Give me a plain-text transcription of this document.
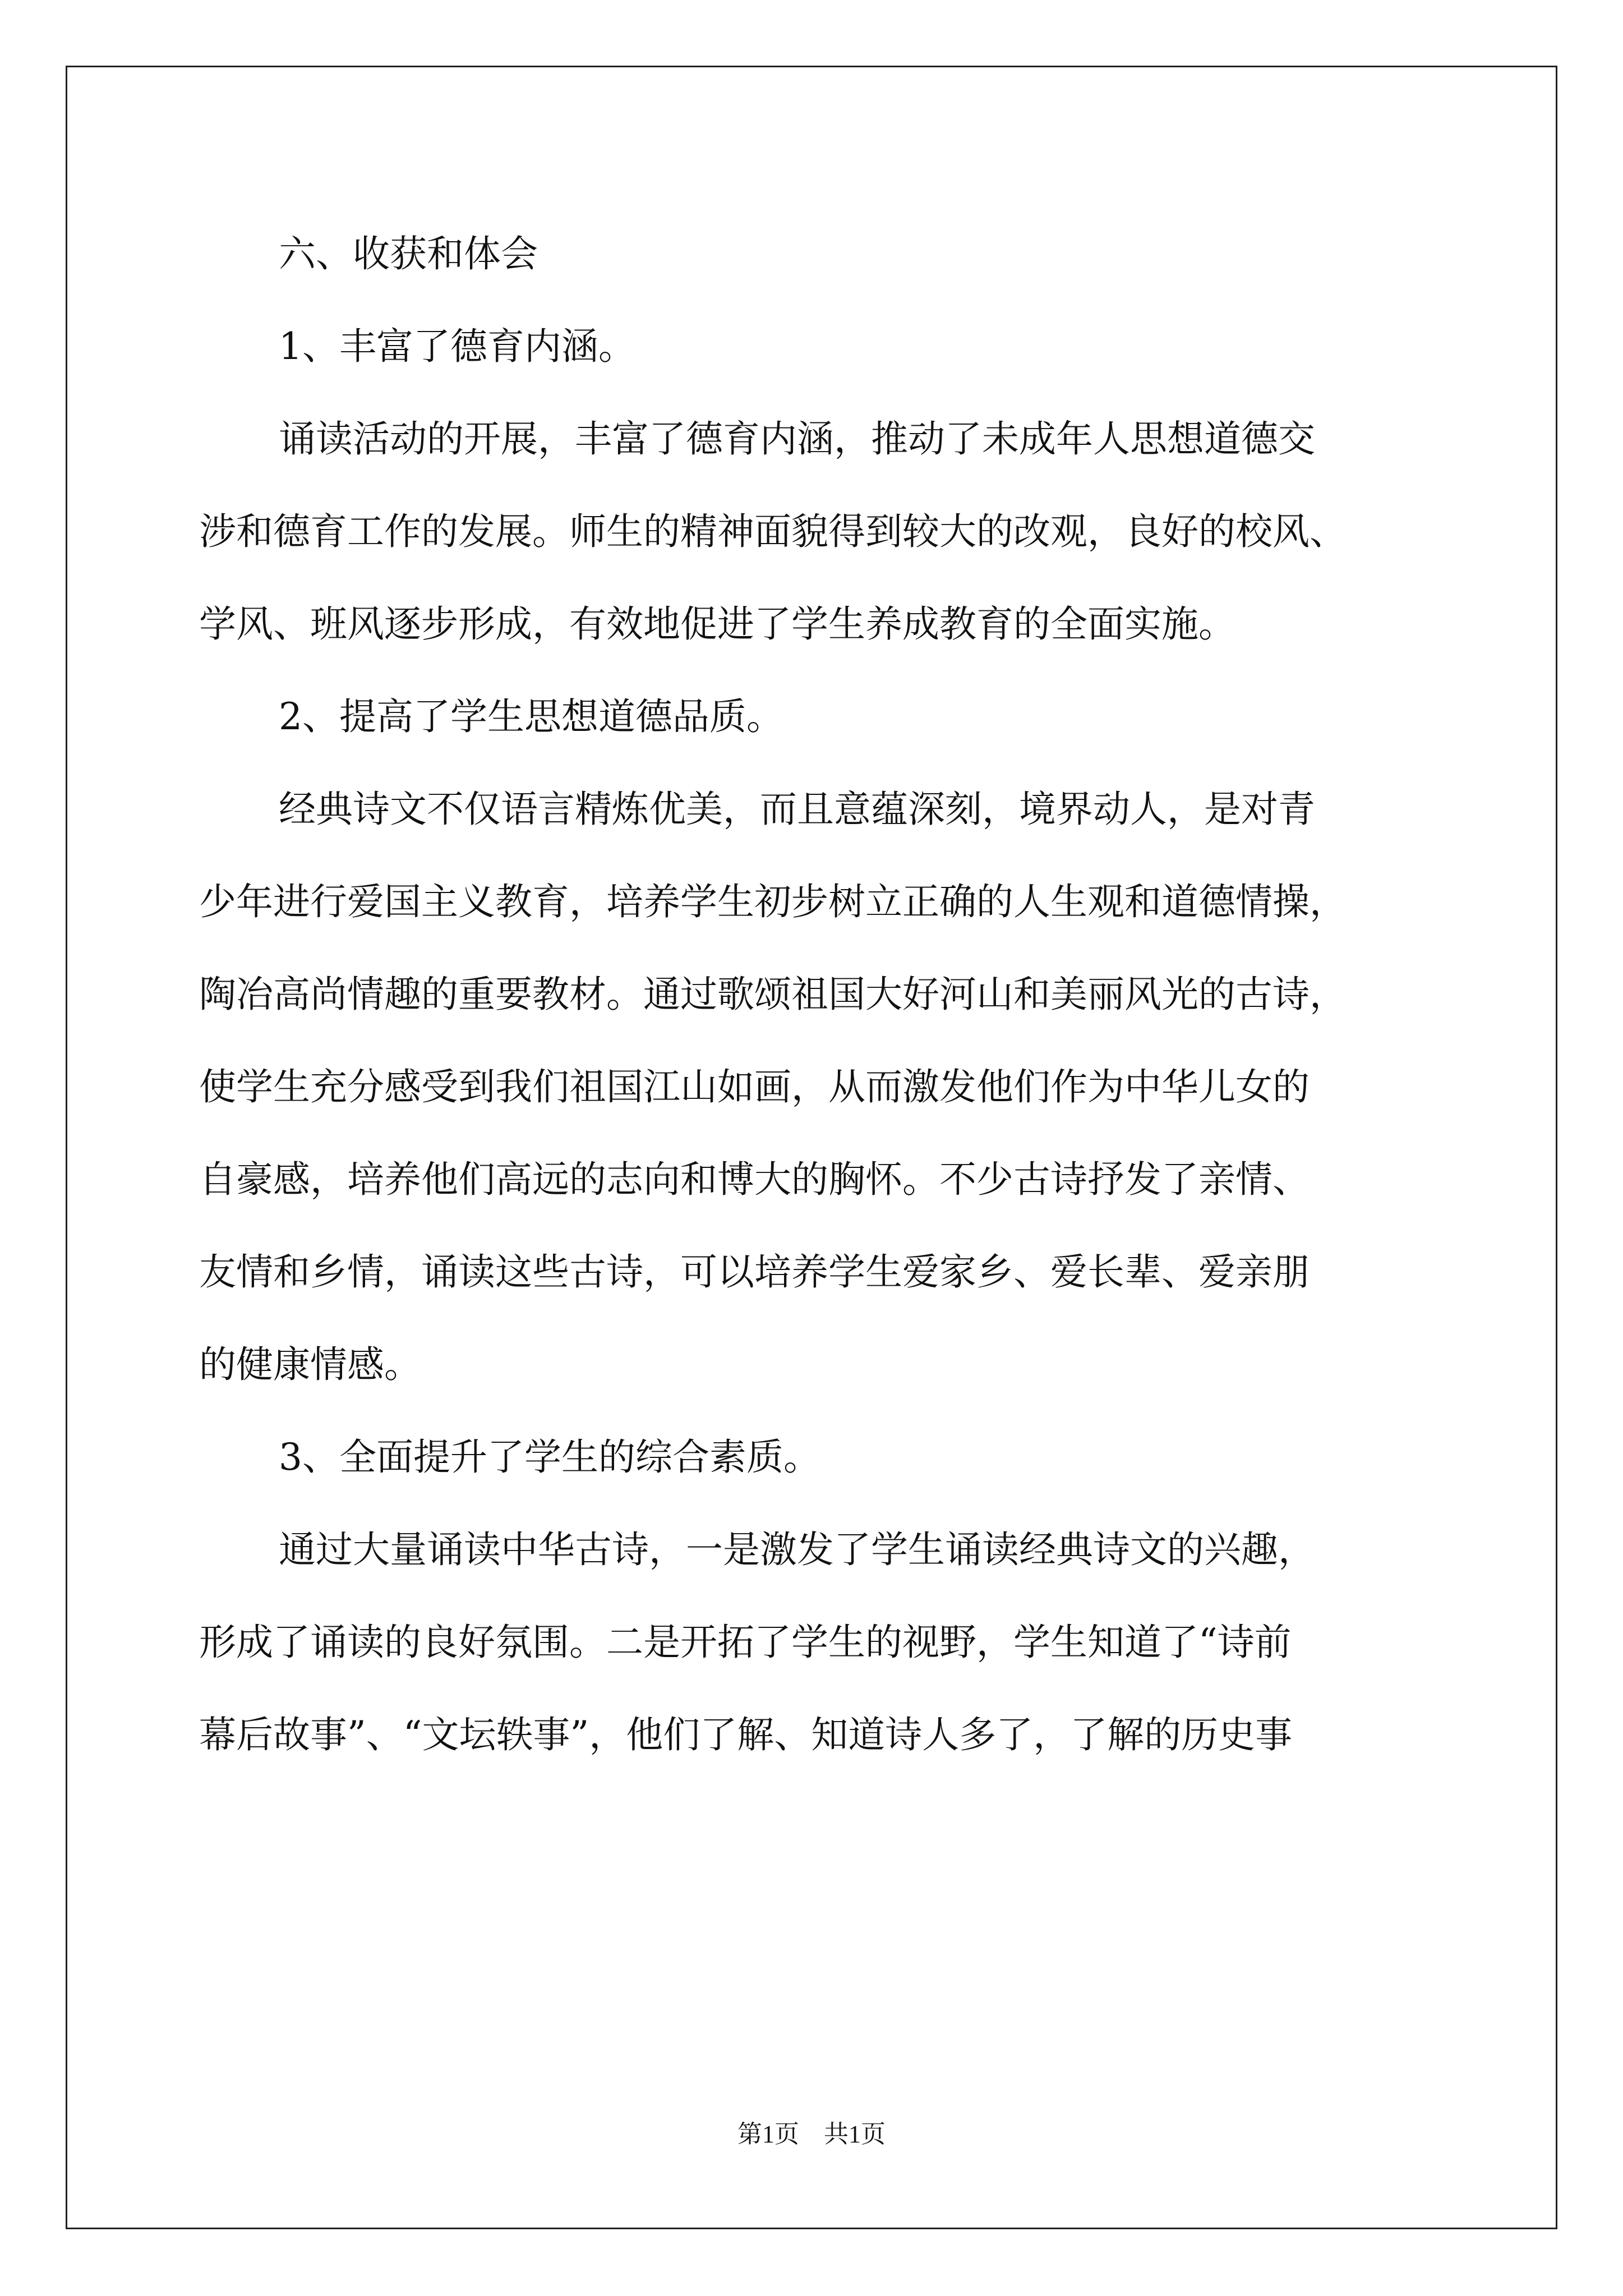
六、收获和体会

1、丰富了德育内涵。

诵读活动的开展，丰富了德育内涵，推动了未成年人思想道德交

涉和德育工作的发展。师生的精神面貌得到较大的改观，良好的校风、

学风、班风逐步形成，有效地促进了学生养成教育的全面实施。

2、提高了学生思想道德品质。

经典诗文不仅语言精炼优美，而且意蕴深刻，境界动人，是对青

少年进行爱国主义教育，培养学生初步树立正确的人生观和道德情操，

陶冶高尚情趣的重要教材。通过歌颂祖国大好河山和美丽风光的古诗，

使学生充分感受到我们祖国江山如画，从而激发他们作为中华儿女的

自豪感，培养他们高远的志向和博大的胸怀。不少古诗抒发了亲情、

友情和乡情，诵读这些古诗，可以培养学生爱家乡、爱长辈、爱亲朋

的健康情感。

3、全面提升了学生的综合素质。

通过大量诵读中华古诗，一是激发了学生诵读经典诗文的兴趣，

形成了诵读的良好氛围。二是开拓了学生的视野，学生知道了“诗前

幕后故事”、“文坛轶事”，他们了解、知道诗人多了，了解的历史事

第1页　共1页
